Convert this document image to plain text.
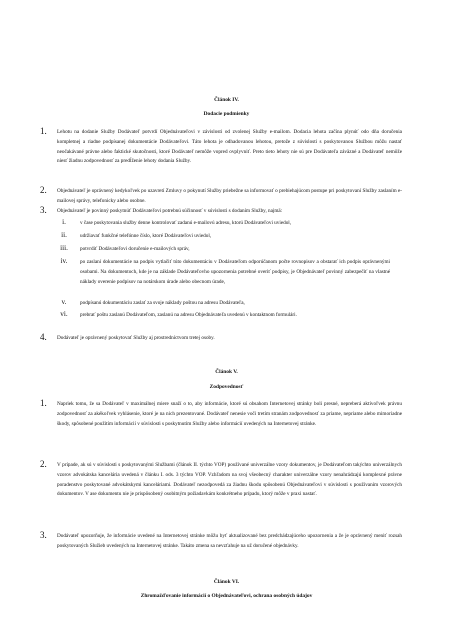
Článok IV.
Dodacie podmienky
1.	Lehotu na dodanie Služby Dodávateľ potvrdí Objednávateľovi v závislosti od zvolenej Služby e-mailom. Dodacia lehota začína plynúť odo dňa doručenia kompletnej a riadne podpísanej dokumentácie Dodávateľovi. Táto lehota je odhadovanou lehotou, pretože z súvislosti s poskytovanou Službou môžu nastať neočakávané právne alebo faktické skutočnosti, ktoré Dodávateľ nemôže vopred ovplyvniť. Preto tieto lehoty nie sú pre Dodávateľa záväzné a Dodávateľ nemôže niesť žiadnu zodpovednosť za predĺženie lehoty dodania Služby.
2.	Objednávateľ je oprávnený kedykoľvek po uzavretí Zmluvy o pokynutí Služby priebežne sa informovať o prebiehajúcom postupe pri poskytovaní Služby zaslaním e-mailovej správy, telefonicky alebo osobne.
3.	Objednávateľ je povinný poskytnúť Dodávateľovi potrebnú súčinnosť v súvislosti s dodaním Služby, najmä:
i.	v čase poskytovania služby denne kontrolovať zadanú e-mailovú adresu, ktorú Dodávateľovi uviedol,
ii.	udržiavať funkčné telefónne číslo, ktoré Dodávateľovi uviedol,
iii.	potvrdiť Dodávateľovi doručenie e-mailových správ,
iv.	po zaslaní dokumentácie na podpis vytlačiť túto dokumentáciu v Dodávateľom odporúčanom počte rovnopisov a obstarať ich podpis oprávnenými osobami. Na dokumentoch, kde je na základe Dodávateľovho upozornenia potrebné overiť podpisy, je Objednávateľ povinný zabezpečiť na vlastné náklady overenie podpisov na notárskom úrade alebo obecnom úrade,
v.	podpísanú dokumentáciu zaslať za svoje náklady poštou na adresu Dodávateľa,
vi.	prebrať poštu zaslanú Dodávateľom, zaslanú na adresu Objednávateľa uvedenú v kontaktnom formulári.
4.	Dodávateľ je oprávnený poskytovať Služby aj prostredníctvom tretej osoby.
Článok V.
Zodpovednosť
1.	Napriek tomu, že sa Dodávateľ v maximálnej miere snaží o to, aby informácie, ktoré sú obsahom Internetovej stránky boli presné, nepreberá aktívoľvek právnu zodpovednosť za akékoľvek vyhlásenie, ktoré je na nich prezentované. Dodávateľ nenesie voči tretím stranám zodpovednosť za priame, nepriame alebo mimoriadne škody, spôsobené použitím informácií v súvislosti s poskytnutím Služby alebo informácií uvedených na Internetovej stránke.
2.	V prípade, ak sú v súvislosti s poskytovanými Službami (článok II. týchto VOP) používané univerzálne vzory dokumentov, je Dodávateľom takýchto univerzálnych vzorov advokátska kancelária uvedená v článku I. ods. 3 týchto VOP. Vzhľadom na svoj všeobecný charakter univerzálne vzory nenahrádzajú komplexné právne poradenstvo poskytované advokátskymi kanceláriami. Dodávateľ nezodpovedá za žiadnu škodu spôsobenú Objednávateľovi v súvislosti s používaním vzorových dokumentov. V ase dokumentu nie je prispôsobený osobitným požiadavkám konkrétneho prípadu, ktorý môže v praxi nastať.
3.	Dodávateľ upozorňuje, že informácie uvedené na Internetovej stránke môžu byť aktualizované bez predchádzajúceho upozornenia a že je oprávnený meniť rozsah poskytovaných Služieb uvedených na Internetovej stránke. Takáto zmena sa nevzťahuje na už doručené objednávky.
Článok VI.
Zhromažďovanie informácií o Objednávateľovi, ochrana osobných údajov
